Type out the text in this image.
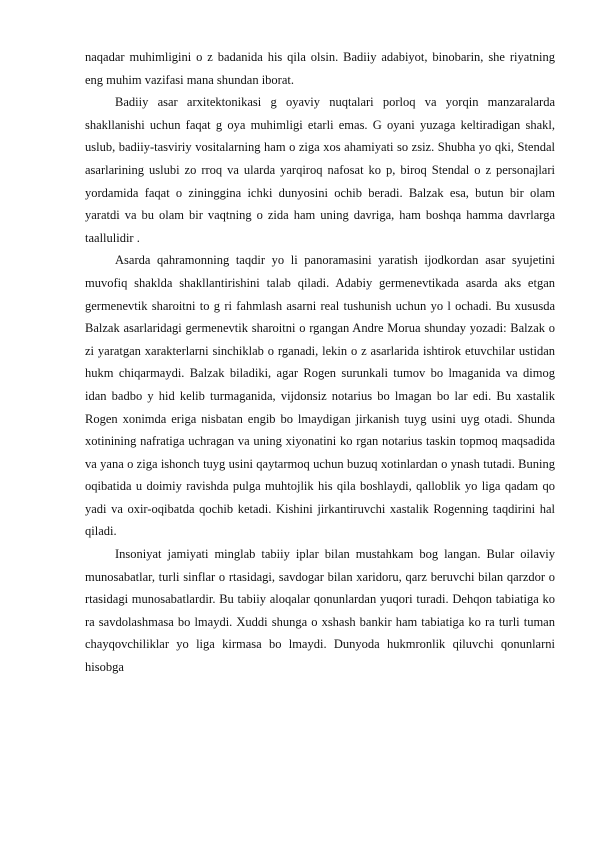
naqadar muhimligini o z badanida his qila olsin. Badiiy adabiyot, binobarin, she riyatning eng muhim vazifasi mana shundan iborat.

Badiiy asar arxitektonikasi g oyaviy nuqtalari porloq va yorqin manzaralarda shakllanishi uchun faqat g oya muhimligi etarli emas. G oyani yuzaga keltiradigan shakl, uslub, badiiy-tasviriy vositalarning ham o ziga xos ahamiyati so zsiz. Shubha yo qki, Stendal asarlarining uslubi zo rroq va ularda yarqiroq nafosat ko p, biroq Stendal o z personajlari yordamida faqat o zininggina ichki dunyosini ochib beradi. Balzak esa, butun bir olam yaratdi va bu olam bir vaqtning o zida ham uning davriga, ham boshqa hamma davrlarga taallulidir .

Asarda qahramonning taqdir yo li panoramasini yaratish ijodkordan asar syujetini muvofiq shaklda shakllantirishini talab qiladi. Adabiy germenevtikada asarda aks etgan germenevtik sharoitni to g ri fahmlash asarni real tushunish uchun yo l ochadi. Bu xususda Balzak asarlaridagi germenevtik sharoitni o rgangan Andre Morua shunday yozadi: Balzak o zi yaratgan xarakterlarni sinchiklab o rganadi, lekin o z asarlarida ishtirok etuvchilar ustidan hukm chiqarmaydi. Balzak biladiki, agar Rogen surunkali tumov bo lmaganida va dimog idan badbo y hid kelib turmaganida, vijdonsiz notarius bo lmagan bo lar edi. Bu xastalik Rogen xonimda eriga nisbatan engib bo lmaydigan jirkanish tuyg usini uyg otadi. Shunda xotinining nafratiga uchragan va uning xiyonatini ko rgan notarius taskin topmoq maqsadida va yana o ziga ishonch tuyg usini qaytarmoq uchun buzuq xotinlardan o ynash tutadi. Buning oqibatida u doimiy ravishda pulga muhtojlik his qila boshlaydi, qalloblik yo liga qadam qo yadi va oxir-oqibatda qochib ketadi. Kishini jirkantiruvchi xastalik Rogenning taqdirini hal qiladi.

Insoniyat jamiyati minglab tabiiy iplar bilan mustahkam bog langan. Bular oilaviy munosabatlar, turli sinflar o rtasidagi, savdogar bilan xaridoru, qarz beruvchi bilan qarzdor o rtasidagi munosabatlardir. Bu tabiiy aloqalar qonunlardan yuqori turadi. Dehqon tabiatiga ko ra savdolashmasa bo lmaydi. Xuddi shunga o xshash bankir ham tabiatiga ko ra turli tuman chayqovchiliklar yo liga kirmasa bo lmaydi. Dunyoda hukmronlik qiluvchi qonunlarni hisobga
